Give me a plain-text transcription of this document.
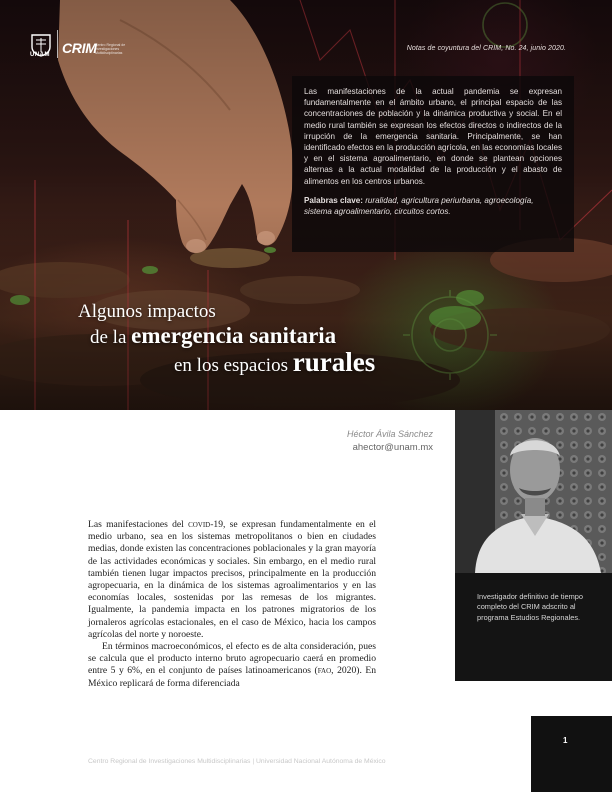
UNAM CRIM
Centro Regional de Investigaciones Multidisciplinarias
Notas de coyuntura del CRIM, No. 24, junio 2020.

Las manifestaciones de la actual pandemia se expresan fundamentalmente en el ámbito urbano, el principal espacio de las concentraciones de población y la dinámica productiva y social. En el medio rural también se expresan los efectos directos o indirectos de la irrupción de la emergencia sanitaria. Principalmente, se han identificado efectos en la producción agrícola, en las economías locales y en el sistema agroalimentario, en donde se plantean opciones alternas a la actual modalidad de la producción y el abasto de alimentos en los centros urbanos.

Palabras clave: ruralidad, agricultura periurbana, agroecología, sistema agroalimentario, circuitos cortos.

Algunos impactos
de la emergencia sanitaria
en los espacios rurales
Héctor Ávila Sánchez
ahector@unam.mx

Investigador definitivo de tiempo completo del CRIM adscrito al programa Estudios Regionales.

Las manifestaciones del covid-19, se expresan fundamentalmente en el medio urbano, sea en los sistemas metropolitanos o bien en ciudades medias, donde existen las concentraciones poblacionales y la gran mayoría de las actividades económicas y sociales. Sin embargo, en el medio rural también tienen lugar impactos precisos, principalmente en la producción agropecuaria, en la dinámica de los sistemas agroalimentarios y en las economías locales, sostenidas por las remesas de los migrantes. Igualmente, la pandemia impacta en los patrones migratorios de los jornaleros agrícolas estacionales, en el caso de México, hacia los campos agrícolas del norte y noroeste.

En términos macroeconómicos, el efecto es de alta consideración, pues se calcula que el producto interno bruto agropecuario caerá en promedio entre 5 y 6%, en el conjunto de países latinoamericanos (fao, 2020). En México replicará de forma diferenciada

Centro Regional de Investigaciones Multidisciplinarias | Universidad Nacional Autónoma de México
1
